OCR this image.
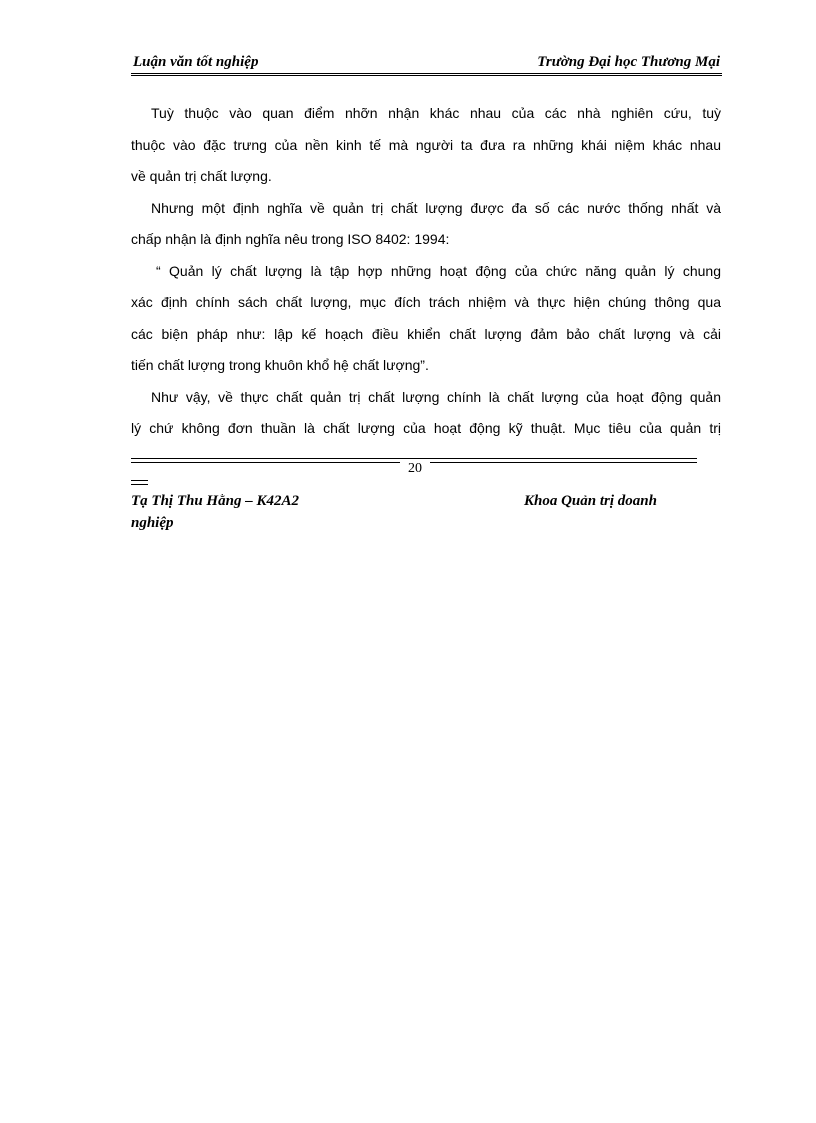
Luận văn tốt nghiệp	Trường Đại học Thương Mại
Tuỳ thuộc vào quan điểm nhỡn nhận khác nhau của các nhà nghiên cứu, tuỳ
thuộc vào đặc trưng của nền kinh tế mà người ta đưa ra những khái niệm khác nhau
về quản trị chất lượng.
Nhưng một định nghĩa về quản trị chất lượng được đa số các nước thống nhất và
chấp nhận là định nghĩa nêu trong ISO 8402: 1994:
“ Quản lý chất lượng là tập hợp những hoạt động của chức năng quản lý chung
xác định chính sách chất lượng, mục đích trách nhiệm và thực hiện chúng thông qua
các biện pháp như: lập kế hoạch điều khiển chất lượng đảm bảo chất lượng và cải
tiến chất lượng trong khuôn khổ hệ chất lượng”.
Như vậy, về thực chất quản trị chất lượng chính là chất lượng của hoạt động quản
lý chứ không đơn thuần là chất lượng của hoạt động kỹ thuật. Mục tiêu của quản trị
20
Tạ Thị Thu Hằng – K42A2	Khoa Quản trị doanh
nghiệp
